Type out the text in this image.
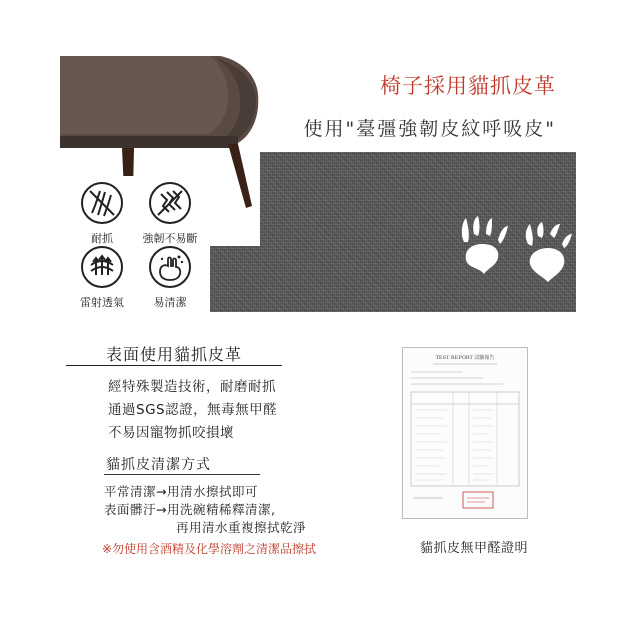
椅子採用貓抓皮革
使用"臺彊強韌皮紋呼吸皮"
耐抓	強韌不易斷
雷射透氣	易清潔
表面使用貓抓皮革
經特殊製造技術，耐磨耐抓
通過SGS認證，無毒無甲醛
不易因寵物抓咬損壞
貓抓皮清潔方式
平常清潔→用清水擦拭即可
表面髒汙→用洗碗精稀釋清潔,
再用清水重複擦拭乾淨
※勿使用含酒精及化學溶劑之清潔品擦拭
TEST REPORT 試驗報告
貓抓皮無甲醛證明
